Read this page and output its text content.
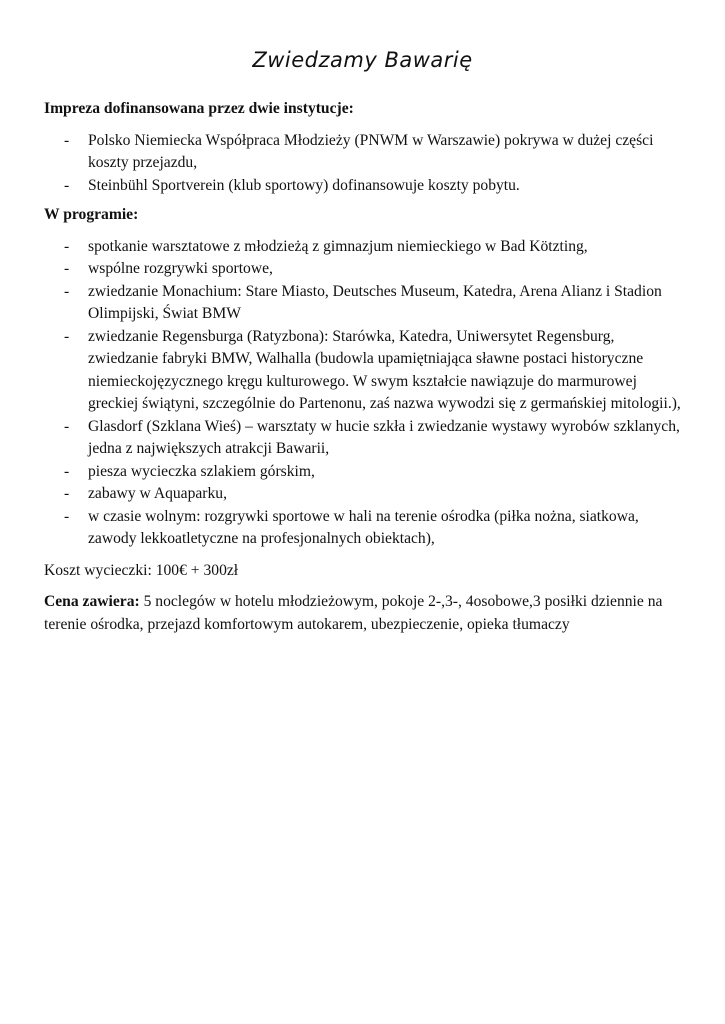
Zwiedzamy Bawarię

Impreza dofinansowana przez dwie instytucje:

- Polsko Niemiecka Współpraca Młodzieży (PNWM w Warszawie) pokrywa w dużej części koszty przejazdu,
- Steinbühl Sportverein (klub sportowy) dofinansowuje koszty pobytu.

W programie:

- spotkanie warsztatowe z młodzieżą z gimnazjum niemieckiego w Bad Kötzting,
- wspólne rozgrywki sportowe,
- zwiedzanie Monachium: Stare Miasto, Deutsches Museum, Katedra, Arena Alianz i Stadion Olimpijski, Świat BMW
- zwiedzanie Regensburga (Ratyzbona): Starówka, Katedra, Uniwersytet Regensburg, zwiedzanie fabryki BMW, Walhalla (budowla upamiętniająca sławne postaci historyczne niemieckojęzycznego kręgu kulturowego. W swym kształcie nawiązuje do marmurowej greckiej świątyni, szczególnie do Partenonu, zaś nazwa wywodzi się z germańskiej mitologii.),
- Glasdorf (Szklana Wieś) – warsztaty w hucie szkła i zwiedzanie wystawy wyrobów szklanych, jedna z największych atrakcji Bawarii,
- piesza wycieczka szlakiem górskim,
- zabawy w Aquaparku,
- w czasie wolnym: rozgrywki sportowe w hali na terenie ośrodka (piłka nożna, siatkowa, zawody lekkoatletyczne na profesjonalnych obiektach),

Koszt wycieczki: 100€ + 300zł

Cena zawiera: 5 noclegów w hotelu młodzieżowym, pokoje 2-,3-, 4osobowe,3 posiłki dziennie na terenie ośrodka, przejazd komfortowym autokarem, ubezpieczenie, opieka tłumaczy
